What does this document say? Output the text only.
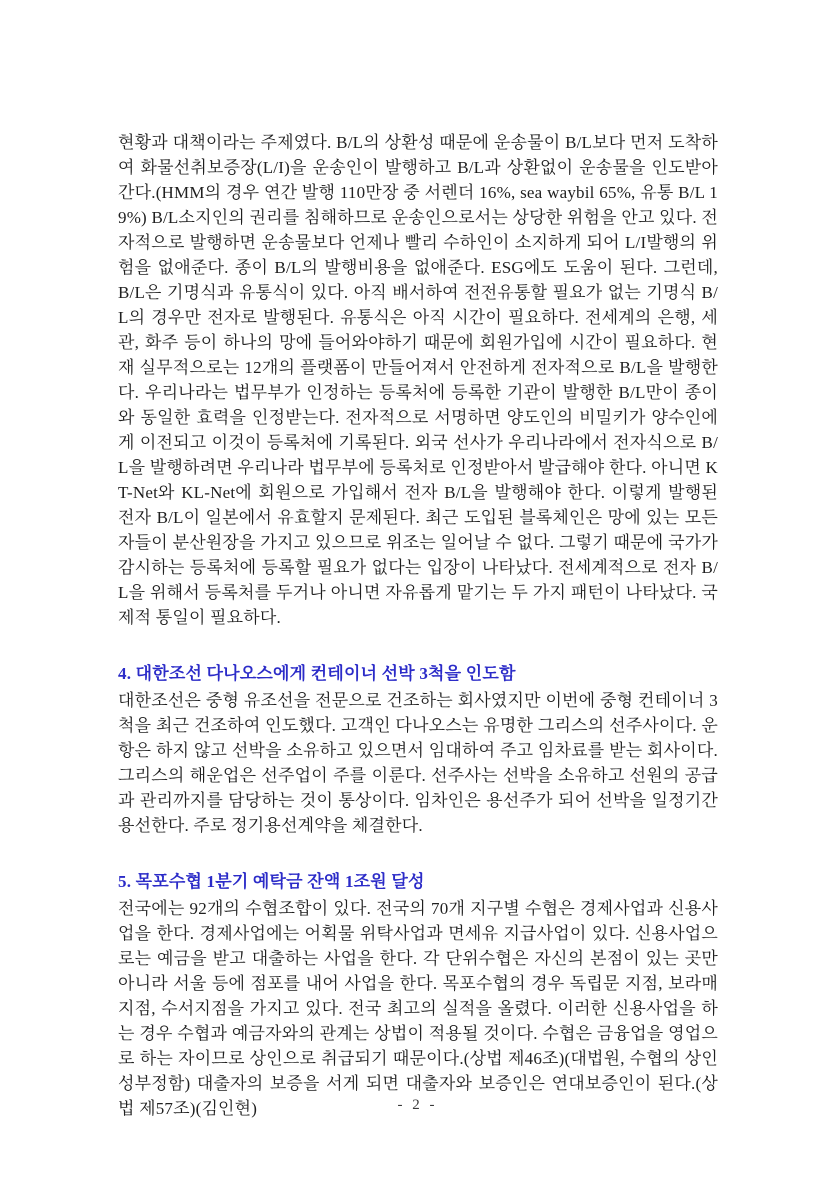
현황과 대책이라는 주제였다. B/L의 상환성 때문에 운송물이 B/L보다 먼저 도착하여 화물선취보증장(L/I)을 운송인이 발행하고 B/L과 상환없이 운송물을 인도받아간다.(HMM의 경우 연간 발행 110만장 중 서렌더 16%, sea waybil 65%, 유통 B/L 19%) B/L소지인의 권리를 침해하므로 운송인으로서는 상당한 위험을 안고 있다. 전자적으로 발행하면 운송물보다 언제나 빨리 수하인이 소지하게 되어 L/I발행의 위험을 없애준다. 종이 B/L의 발행비용을 없애준다. ESG에도 도움이 된다. 그런데, B/L은 기명식과 유통식이 있다. 아직 배서하여 전전유통할 필요가 없는 기명식 B/L의 경우만 전자로 발행된다. 유통식은 아직 시간이 필요하다. 전세계의 은행, 세관, 화주 등이 하나의 망에 들어와야하기 때문에 회원가입에 시간이 필요하다. 현재 실무적으로는 12개의 플랫폼이 만들어져서 안전하게 전자적으로 B/L을 발행한다. 우리나라는 법무부가 인정하는 등록처에 등록한 기관이 발행한 B/L만이 종이와 동일한 효력을 인정받는다. 전자적으로 서명하면 양도인의 비밀키가 양수인에게 이전되고 이것이 등록처에 기록된다. 외국 선사가 우리나라에서 전자식으로 B/L을 발행하려면 우리나라 법무부에 등록처로 인정받아서 발급해야 한다. 아니면 KT-Net와 KL-Net에 회원으로 가입해서 전자 B/L을 발행해야 한다. 이렇게 발행된 전자 B/L이 일본에서 유효할지 문제된다. 최근 도입된 블록체인은 망에 있는 모든 자들이 분산원장을 가지고 있으므로 위조는 일어날 수 없다. 그렇기 때문에 국가가 감시하는 등록처에 등록할 필요가 없다는 입장이 나타났다. 전세계적으로 전자 B/L을 위해서 등록처를 두거나 아니면 자유롭게 맡기는 두 가지 패턴이 나타났다. 국제적 통일이 필요하다.

4. 대한조선 다나오스에게 컨테이너 선박 3척을 인도함

대한조선은 중형 유조선을 전문으로 건조하는 회사였지만 이번에 중형 컨테이너 3척을 최근 건조하여 인도했다. 고객인 다나오스는 유명한 그리스의 선주사이다. 운항은 하지 않고 선박을 소유하고 있으면서 임대하여 주고 임차료를 받는 회사이다. 그리스의 해운업은 선주업이 주를 이룬다. 선주사는 선박을 소유하고 선원의 공급과 관리까지를 담당하는 것이 통상이다. 임차인은 용선주가 되어 선박을 일정기간 용선한다. 주로 정기용선계약을 체결한다.

5. 목포수협 1분기 예탁금 잔액 1조원 달성

전국에는 92개의 수협조합이 있다. 전국의 70개 지구별 수협은 경제사업과 신용사업을 한다. 경제사업에는 어획물 위탁사업과 면세유 지급사업이 있다. 신용사업으로는 예금을 받고 대출하는 사업을 한다. 각 단위수협은 자신의 본점이 있는 곳만 아니라 서울 등에 점포를 내어 사업을 한다. 목포수협의 경우 독립문 지점, 보라매 지점, 수서지점을 가지고 있다. 전국 최고의 실적을 올렸다. 이러한 신용사업을 하는 경우 수협과 예금자와의 관계는 상법이 적용될 것이다. 수협은 금융업을 영업으로 하는 자이므로 상인으로 취급되기 때문이다.(상법 제46조)(대법원, 수협의 상인성부정함) 대출자의 보증을 서게 되면 대출자와 보증인은 연대보증인이 된다.(상법 제57조)(김인현)	- 2 -
